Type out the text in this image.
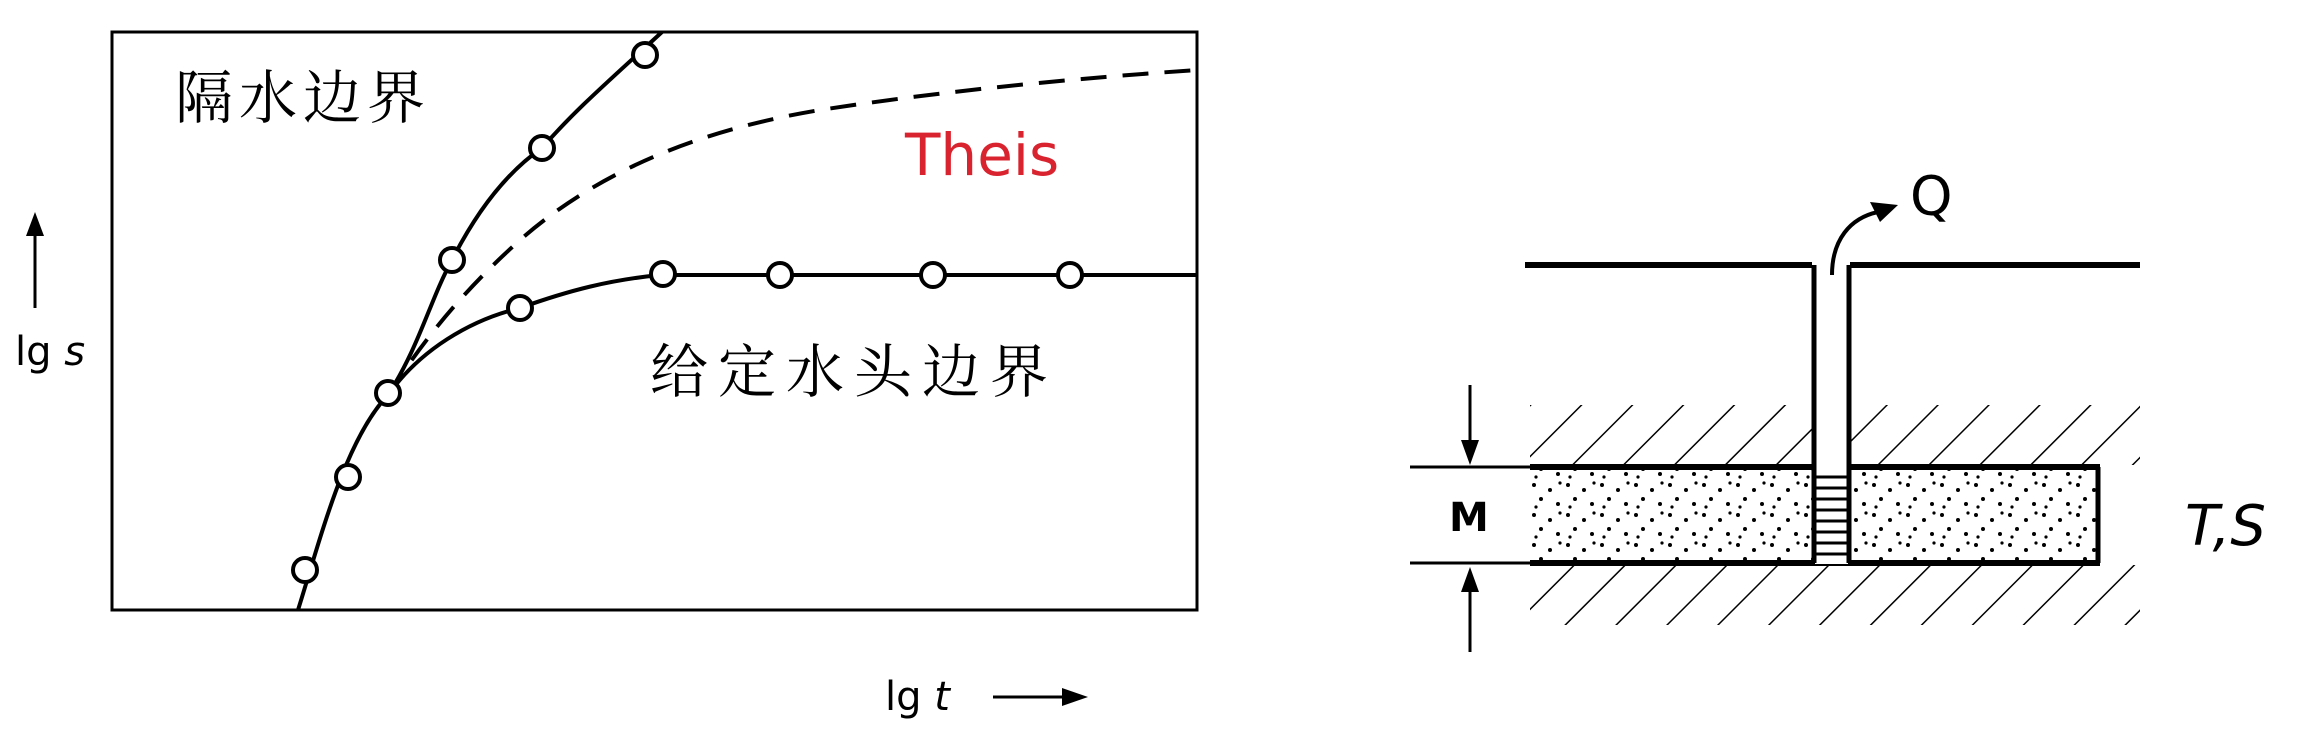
隔水边界
Theis
给定水头边界
lg s
lg t
Q
M	T,S
